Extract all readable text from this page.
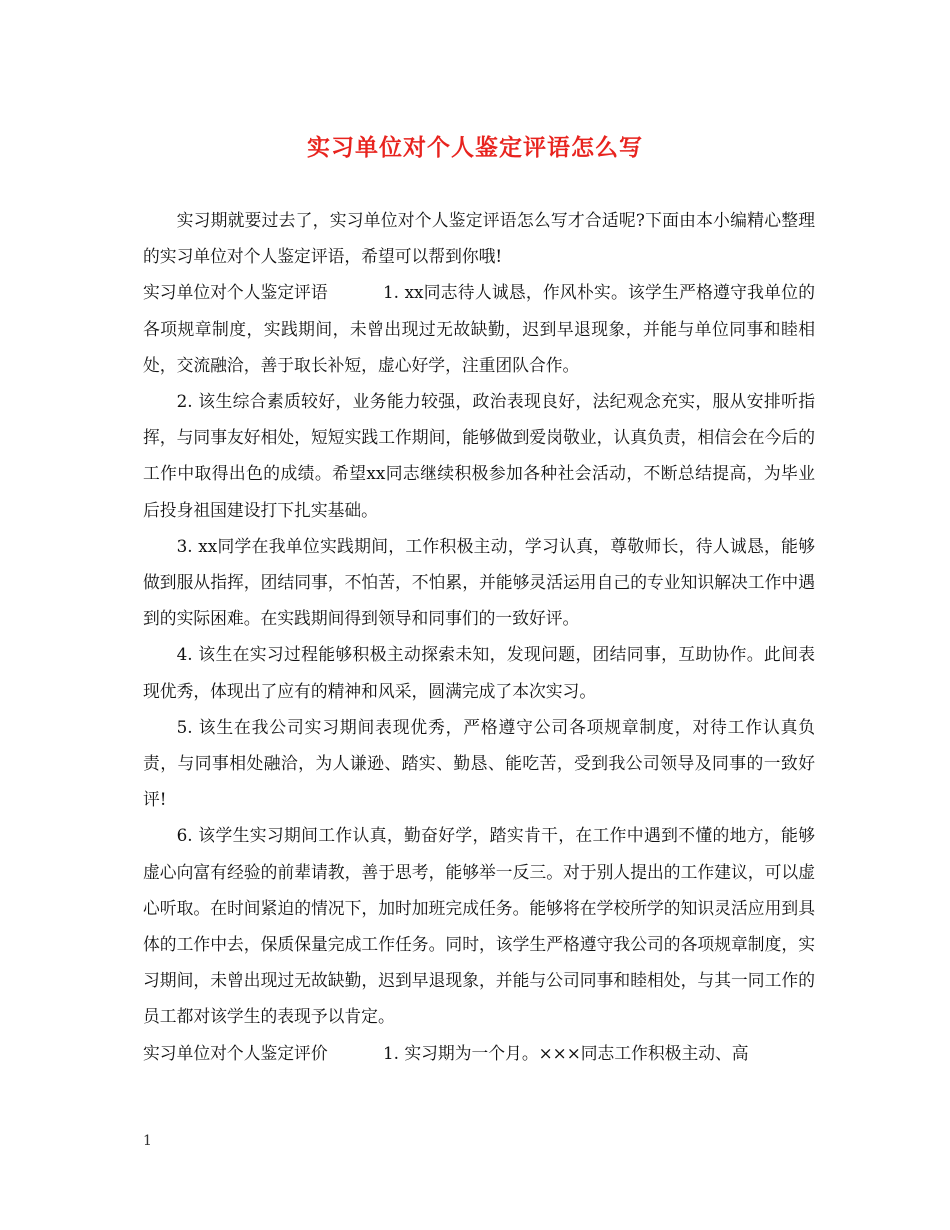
实习单位对个人鉴定评语怎么写

实习期就要过去了，实习单位对个人鉴定评语怎么写才合适呢?下面由本小编精心整理的实习单位对个人鉴定评语，希望可以帮到你哦!

实习单位对个人鉴定评语	1. xx同志待人诚恳，作风朴实。该学生严格遵守我单位的各项规章制度，实践期间，未曾出现过无故缺勤，迟到早退现象，并能与单位同事和睦相处，交流融洽，善于取长补短，虚心好学，注重团队合作。

2. 该生综合素质较好，业务能力较强，政治表现良好，法纪观念充实，服从安排听指挥，与同事友好相处，短短实践工作期间，能够做到爱岗敬业，认真负责，相信会在今后的工作中取得出色的成绩。希望xx同志继续积极参加各种社会活动，不断总结提高，为毕业后投身祖国建设打下扎实基础。

3. xx同学在我单位实践期间，工作积极主动，学习认真，尊敬师长，待人诚恳，能够做到服从指挥，团结同事，不怕苦，不怕累，并能够灵活运用自己的专业知识解决工作中遇到的实际困难。在实践期间得到领导和同事们的一致好评。

4. 该生在实习过程能够积极主动探索未知，发现问题，团结同事，互助协作。此间表现优秀，体现出了应有的精神和风采，圆满完成了本次实习。

5. 该生在我公司实习期间表现优秀，严格遵守公司各项规章制度，对待工作认真负责，与同事相处融洽，为人谦逊、踏实、勤恳、能吃苦，受到我公司领导及同事的一致好评!

6. 该学生实习期间工作认真，勤奋好学，踏实肯干，在工作中遇到不懂的地方，能够虚心向富有经验的前辈请教，善于思考，能够举一反三。对于别人提出的工作建议，可以虚心听取。在时间紧迫的情况下，加时加班完成任务。能够将在学校所学的知识灵活应用到具体的工作中去，保质保量完成工作任务。同时，该学生严格遵守我公司的各项规章制度，实习期间，未曾出现过无故缺勤，迟到早退现象，并能与公司同事和睦相处，与其一同工作的员工都对该学生的表现予以肯定。

实习单位对个人鉴定评价	1. 实习期为一个月。×××同志工作积极主动、高

1
